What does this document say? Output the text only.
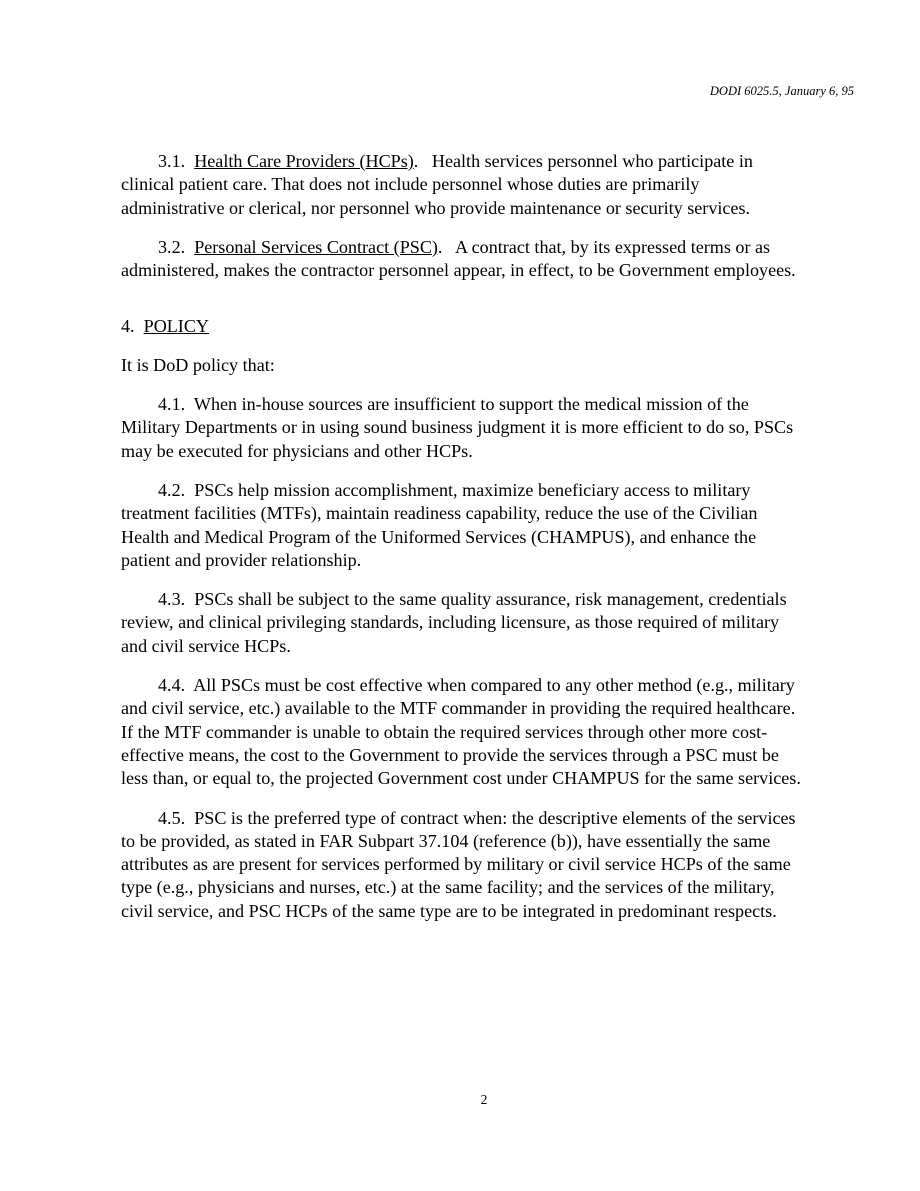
DODI 6025.5, January 6, 95

3.1. Health Care Providers (HCPs).   Health services personnel who participate in clinical patient care. That does not include personnel whose duties are primarily administrative or clerical, nor personnel who provide maintenance or security services.

3.2. Personal Services Contract (PSC).   A contract that, by its expressed terms or as administered, makes the contractor personnel appear, in effect, to be Government employees.

4. POLICY

It is DoD policy that:

4.1. When in-house sources are insufficient to support the medical mission of the Military Departments or in using sound business judgment it is more efficient to do so, PSCs may be executed for physicians and other HCPs.

4.2. PSCs help mission accomplishment, maximize beneficiary access to military treatment facilities (MTFs), maintain readiness capability, reduce the use of the Civilian Health and Medical Program of the Uniformed Services (CHAMPUS), and enhance the patient and provider relationship.

4.3. PSCs shall be subject to the same quality assurance, risk management, credentials review, and clinical privileging standards, including licensure, as those required of military and civil service HCPs.

4.4. All PSCs must be cost effective when compared to any other method (e.g., military and civil service, etc.) available to the MTF commander in providing the required healthcare. If the MTF commander is unable to obtain the required services through other more cost-effective means, the cost to the Government to provide the services through a PSC must be less than, or equal to, the projected Government cost under CHAMPUS for the same services.

4.5. PSC is the preferred type of contract when: the descriptive elements of the services to be provided, as stated in FAR Subpart 37.104 (reference (b)), have essentially the same attributes as are present for services performed by military or civil service HCPs of the same type (e.g., physicians and nurses, etc.) at the same facility; and the services of the military, civil service, and PSC HCPs of the same type are to be integrated in predominant respects.

2
